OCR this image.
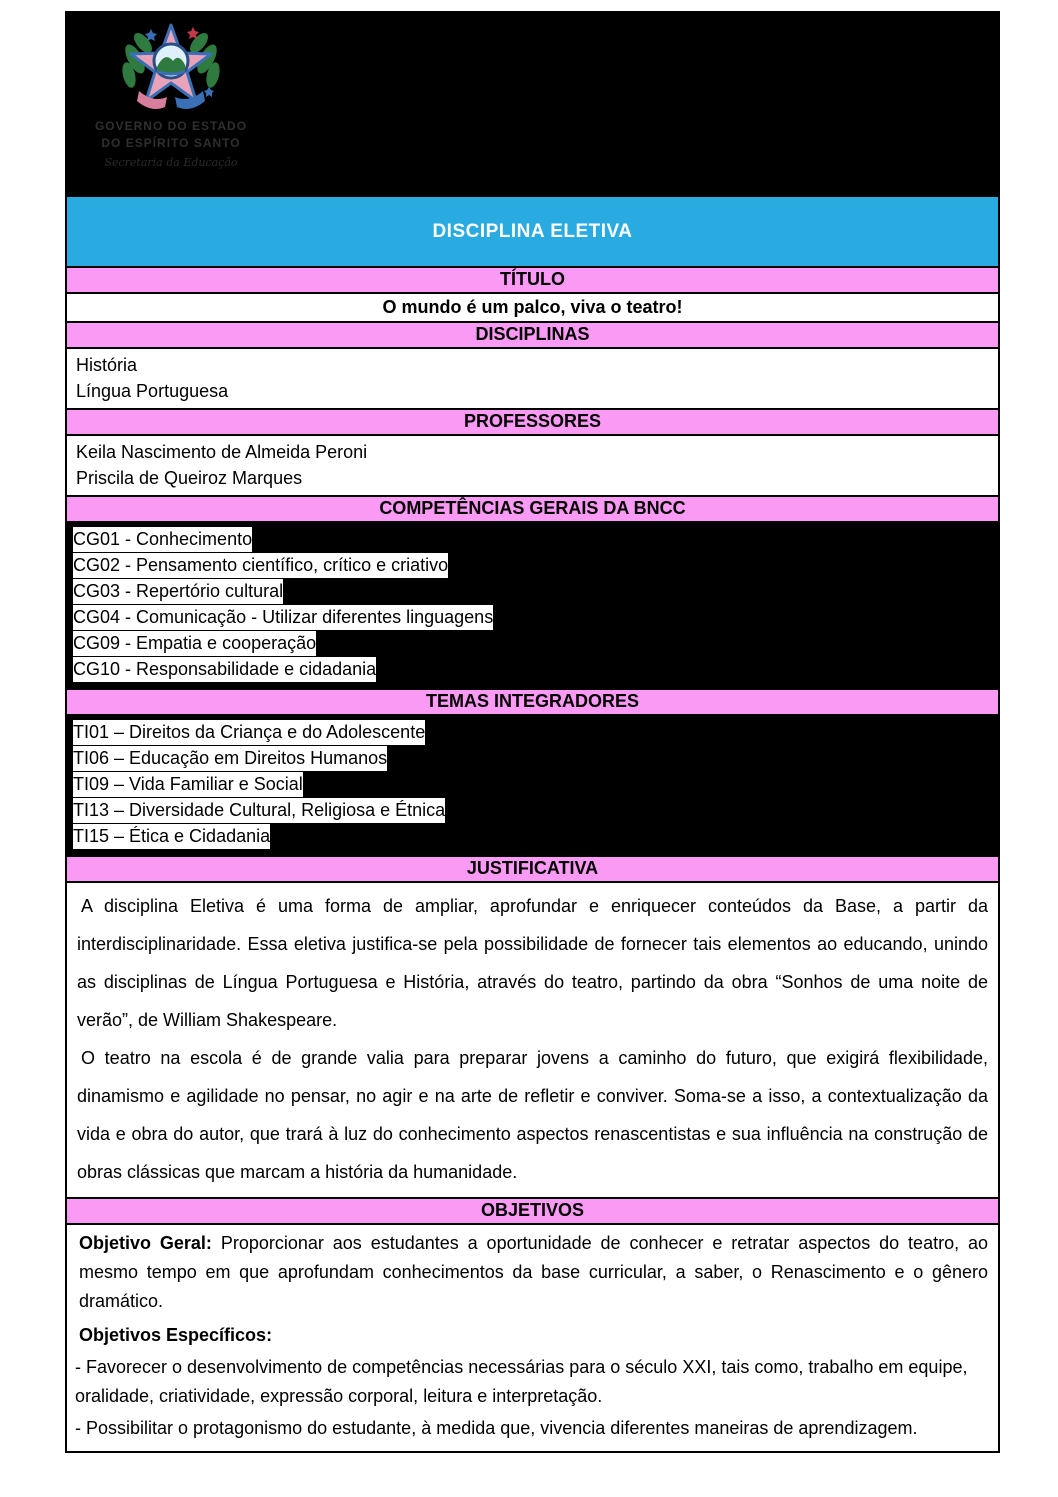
GOVERNO DO ESTADO
DO ESPÍRITO SANTO
Secretaria da Educação
DISCIPLINA ELETIVA
TÍTULO
O mundo é um palco, viva o teatro!
DISCIPLINAS
História
Língua Portuguesa
PROFESSORES
Keila Nascimento de Almeida Peroni
Priscila de Queiroz Marques
COMPETÊNCIAS GERAIS DA BNCC
CG01 - Conhecimento
CG02 - Pensamento científico, crítico e criativo
CG03 - Repertório cultural
CG04 - Comunicação - Utilizar diferentes linguagens
CG09 - Empatia e cooperação
CG10 - Responsabilidade e cidadania
TEMAS INTEGRADORES
TI01 – Direitos da Criança e do Adolescente
TI06 – Educação em Direitos Humanos
TI09 – Vida Familiar e Social
TI13 – Diversidade Cultural, Religiosa e Étnica
TI15 – Ética e Cidadania
JUSTIFICATIVA

A disciplina Eletiva é uma forma de ampliar, aprofundar e enriquecer conteúdos da Base, a partir da interdisciplinaridade. Essa eletiva justifica-se pela possibilidade de fornecer tais elementos ao educando, unindo as disciplinas de Língua Portuguesa e História, através do teatro, partindo da obra “Sonhos de uma noite de verão”, de William Shakespeare.

O teatro na escola é de grande valia para preparar jovens a caminho do futuro, que exigirá flexibilidade, dinamismo e agilidade no pensar, no agir e na arte de refletir e conviver. Soma-se a isso, a contextualização da vida e obra do autor, que trará à luz do conhecimento aspectos renascentistas e sua influência na construção de obras clássicas que marcam a história da humanidade.

OBJETIVOS

Objetivo Geral: Proporcionar aos estudantes a oportunidade de conhecer e retratar aspectos do teatro, ao mesmo tempo em que aprofundam conhecimentos da base curricular, a saber, o Renascimento e o gênero dramático.

Objetivos Específicos:

- Favorecer o desenvolvimento de competências necessárias para o século XXI, tais como, trabalho em equipe, oralidade, criatividade, expressão corporal, leitura e interpretação.

- Possibilitar o protagonismo do estudante, à medida que, vivencia diferentes maneiras de aprendizagem.
